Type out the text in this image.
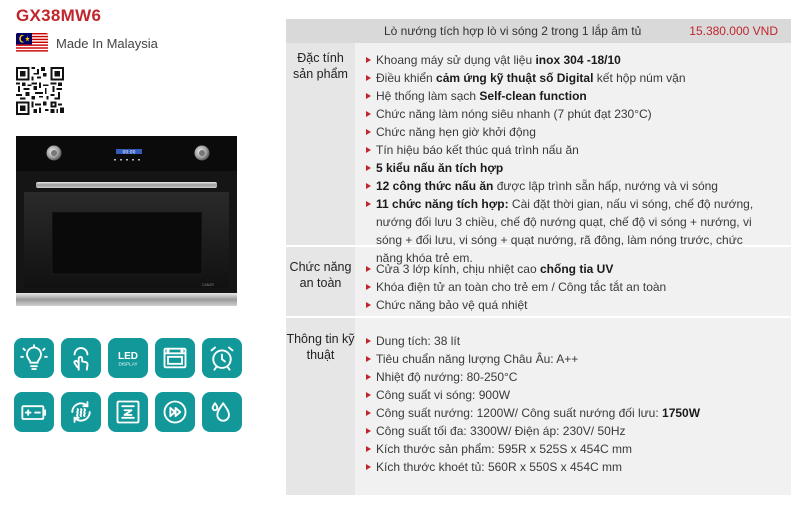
GX38MW6
Made In Malaysia
00:00
CANZY
LED
DISPLAY
Lò nướng tích hợp lò vi sóng 2 trong 1 lắp âm tủ	15.380.000 VND
Đặc tính sản phẩm
Khoang máy sử dụng vật liệu inox 304 -18/10
Điều khiển cảm ứng kỹ thuật số Digital kết hộp núm vặn
Hệ thống làm sạch Self-clean function
Chức năng làm nóng siêu nhanh (7 phút đạt 230°C)
Chức năng hẹn giờ khởi động
Tín hiệu báo kết thúc quá trình nấu ăn
5 kiểu nấu ăn tích hợp
12 công thức nấu ăn được lập trình sẵn hấp, nướng và vi sóng
11 chức năng tích hợp: Cài đặt thời gian, nấu vi sóng, chế độ nướng, nướng đối lưu 3 chiều, chế độ nướng quạt, chế độ vi sóng + nướng, vi sóng + đối lưu, vi sóng + quạt nướng, rã đông, làm nóng trước, chức năng khóa trẻ em.
Chức năng an toàn
Cửa 3 lớp kính, chịu nhiệt cao chống tia UV
Khóa điện tử an toàn cho trẻ em / Công tắc tắt an toàn
Chức năng bảo vệ quá nhiệt
Thông tin kỹ thuật
Dung tích: 38 lít
Tiêu chuẩn năng lượng Châu Âu: A++
Nhiệt độ nướng: 80-250°C
Công suất vi sóng: 900W
Công suất nướng: 1200W/ Công suất nướng đối lưu: 1750W
Công suất tối đa: 3300W/ Điện áp: 230V/ 50Hz
Kích thước sản phẩm: 595R x 525S x 454C mm
Kích thước khoét tủ: 560R x 550S x 454C mm
